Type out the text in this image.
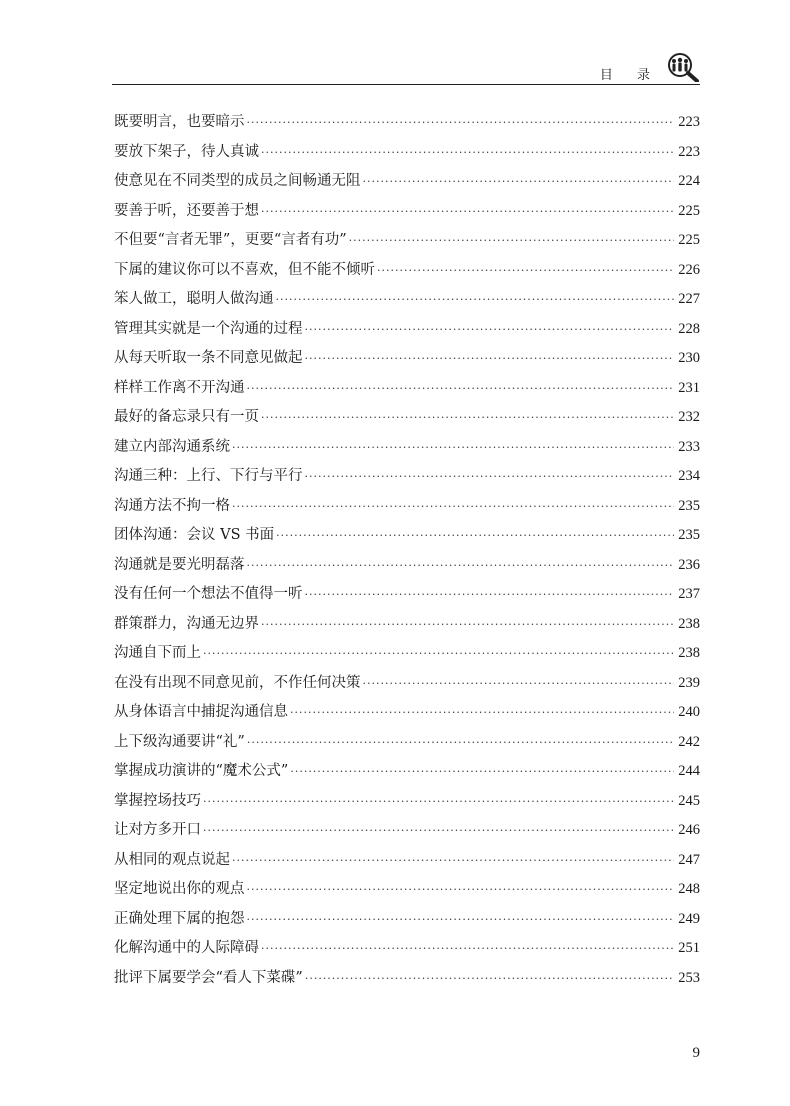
目 录
既要明言，也要暗示 ·····	223
要放下架子，待人真诚 ·····	223
使意见在不同类型的成员之间畅通无阻 ·····	224
要善于听，还要善于想 ·····	225
不但要“言者无罪”，更要“言者有功” ·····	225
下属的建议你可以不喜欢，但不能不倾听 ·····	226
笨人做工，聪明人做沟通 ·····	227
管理其实就是一个沟通的过程 ·····	228
从每天听取一条不同意见做起 ·····	230
样样工作离不开沟通 ·····	231
最好的备忘录只有一页 ·····	232
建立内部沟通系统 ·····	233
沟通三种：上行、下行与平行 ·····	234
沟通方法不拘一格 ·····	235
团体沟通：会议 VS 书面 ·····	235
沟通就是要光明磊落 ·····	236
没有任何一个想法不值得一听 ·····	237
群策群力，沟通无边界 ·····	238
沟通自下而上 ·····	238
在没有出现不同意见前，不作任何决策 ·····	239
从身体语言中捕捉沟通信息 ·····	240
上下级沟通要讲“礼” ·····	242
掌握成功演讲的“魔术公式” ·····	244
掌握控场技巧 ·····	245
让对方多开口 ·····	246
从相同的观点说起 ·····	247
坚定地说出你的观点 ·····	248
正确处理下属的抱怨 ·····	249
化解沟通中的人际障碍 ·····	251
批评下属要学会“看人下菜碟” ·····	253
9
